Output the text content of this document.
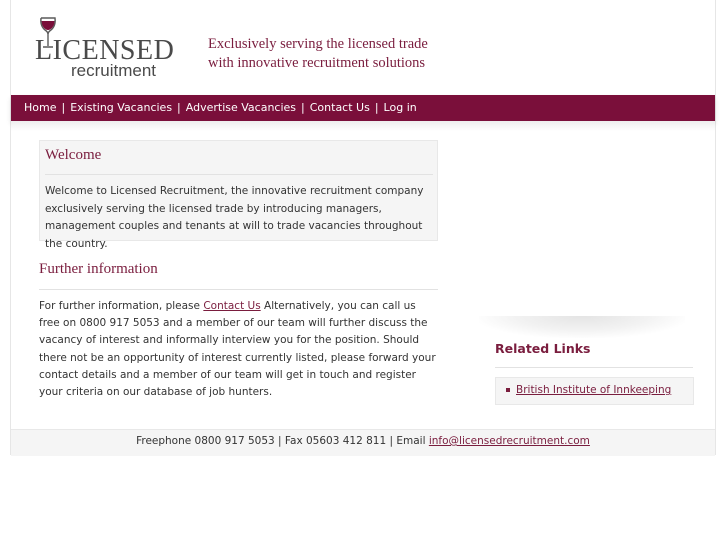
LICENSED
recruitment
Exclusively serving the licensed trade
with innovative recruitment solutions
Home | Existing Vacancies | Advertise Vacancies | Contact Us | Log in
Welcome
Welcome to Licensed Recruitment, the innovative recruitment company exclusively serving the licensed trade by introducing managers, management couples and tenants at will to trade vacancies throughout the country.
Further information
For further information, please Contact Us Alternatively, you can call us free on 0800 917 5053 and a member of our team will further discuss the vacancy of interest and informally interview you for the position. Should there not be an opportunity of interest currently listed, please forward your contact details and a member of our team will get in touch and register your criteria on our database of job hunters.
Related Links
British Institute of Innkeeping
Freephone 0800 917 5053 | Fax 05603 412 811 | Email info@licensedrecruitment.com
